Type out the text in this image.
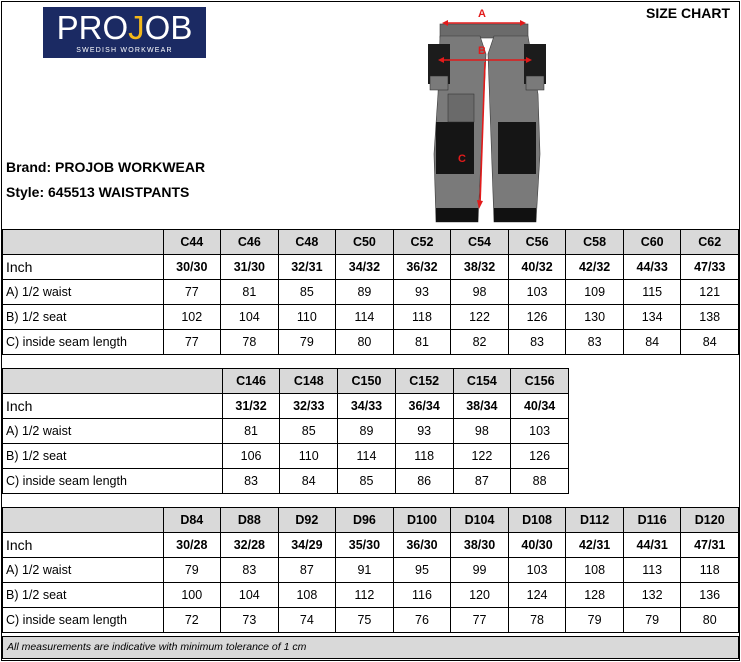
PROJOB
SWEDISH WORKWEAR
SIZE CHART
A
B
C
Brand: PROJOB WORKWEAR
Style: 645513 WAISTPANTS
	C44	C46	C48	C50	C52	C54	C56	C58	C60	C62
Inch	30/30	31/30	32/31	34/32	36/32	38/32	40/32	42/32	44/33	47/33
A) 1/2 waist	77	81	85	89	93	98	103	109	115	121
B) 1/2 seat	102	104	110	114	118	122	126	130	134	138
C) inside seam length	77	78	79	80	81	82	83	83	84	84
	C146	C148	C150	C152	C154	C156
Inch	31/32	32/33	34/33	36/34	38/34	40/34
A) 1/2 waist	81	85	89	93	98	103
B) 1/2 seat	106	110	114	118	122	126
C) inside seam length	83	84	85	86	87	88
	D84	D88	D92	D96	D100	D104	D108	D112	D116	D120
Inch	30/28	32/28	34/29	35/30	36/30	38/30	40/30	42/31	44/31	47/31
A) 1/2 waist	79	83	87	91	95	99	103	108	113	118
B) 1/2 seat	100	104	108	112	116	120	124	128	132	136
C) inside seam length	72	73	74	75	76	77	78	79	79	80
All measurements are indicative with minimum tolerance of 1 cm
